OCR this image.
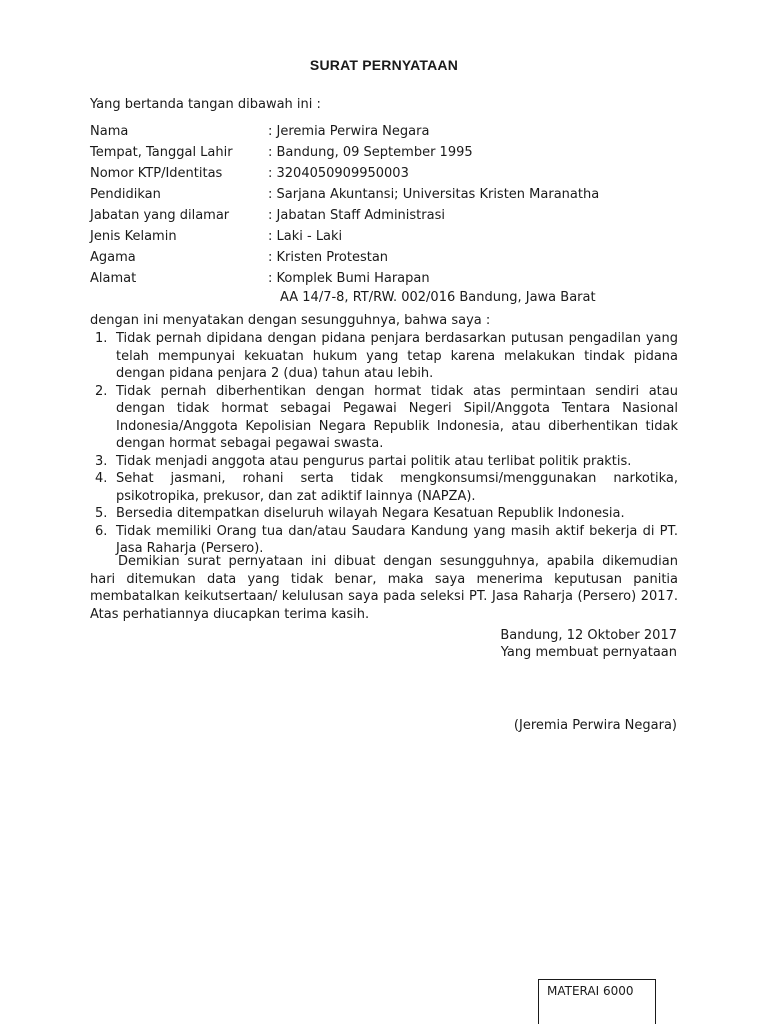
SURAT PERNYATAAN
Yang bertanda tangan dibawah ini :
Nama	: Jeremia Perwira Negara
Tempat, Tanggal Lahir	: Bandung, 09 September 1995
Nomor KTP/Identitas	: 3204050909950003
Pendidikan	: Sarjana Akuntansi; Universitas Kristen Maranatha
Jabatan yang dilamar	: Jabatan Staff Administrasi
Jenis Kelamin	: Laki - Laki
Agama	: Kristen Protestan
Alamat	: Komplek Bumi Harapan
AA 14/7-8, RT/RW. 002/016 Bandung, Jawa Barat
dengan ini menyatakan dengan sesungguhnya, bahwa saya :
1. Tidak pernah dipidana dengan pidana penjara berdasarkan putusan pengadilan yang telah mempunyai kekuatan hukum yang tetap karena melakukan tindak pidana dengan pidana penjara 2 (dua) tahun atau lebih.
2. Tidak pernah diberhentikan dengan hormat tidak atas permintaan sendiri atau dengan tidak hormat sebagai Pegawai Negeri Sipil/Anggota Tentara Nasional Indonesia/Anggota Kepolisian Negara Republik Indonesia, atau diberhentikan tidak dengan hormat sebagai pegawai swasta.
3. Tidak menjadi anggota atau pengurus partai politik atau terlibat politik praktis.
4. Sehat jasmani, rohani serta tidak mengkonsumsi/menggunakan narkotika, psikotropika, prekusor, dan zat adiktif lainnya (NAPZA).
5. Bersedia ditempatkan diseluruh wilayah Negara Kesatuan Republik Indonesia.
6. Tidak memiliki Orang tua dan/atau Saudara Kandung yang masih aktif bekerja di PT. Jasa Raharja (Persero).
Demikian surat pernyataan ini dibuat dengan sesungguhnya, apabila dikemudian hari ditemukan data yang tidak benar, maka saya menerima keputusan panitia membatalkan keikutsertaan/ kelulusan saya pada seleksi PT. Jasa Raharja (Persero) 2017. Atas perhatiannya diucapkan terima kasih.
Bandung, 12 Oktober 2017
Yang membuat pernyataan
(Jeremia Perwira Negara)
MATERAI 6000
